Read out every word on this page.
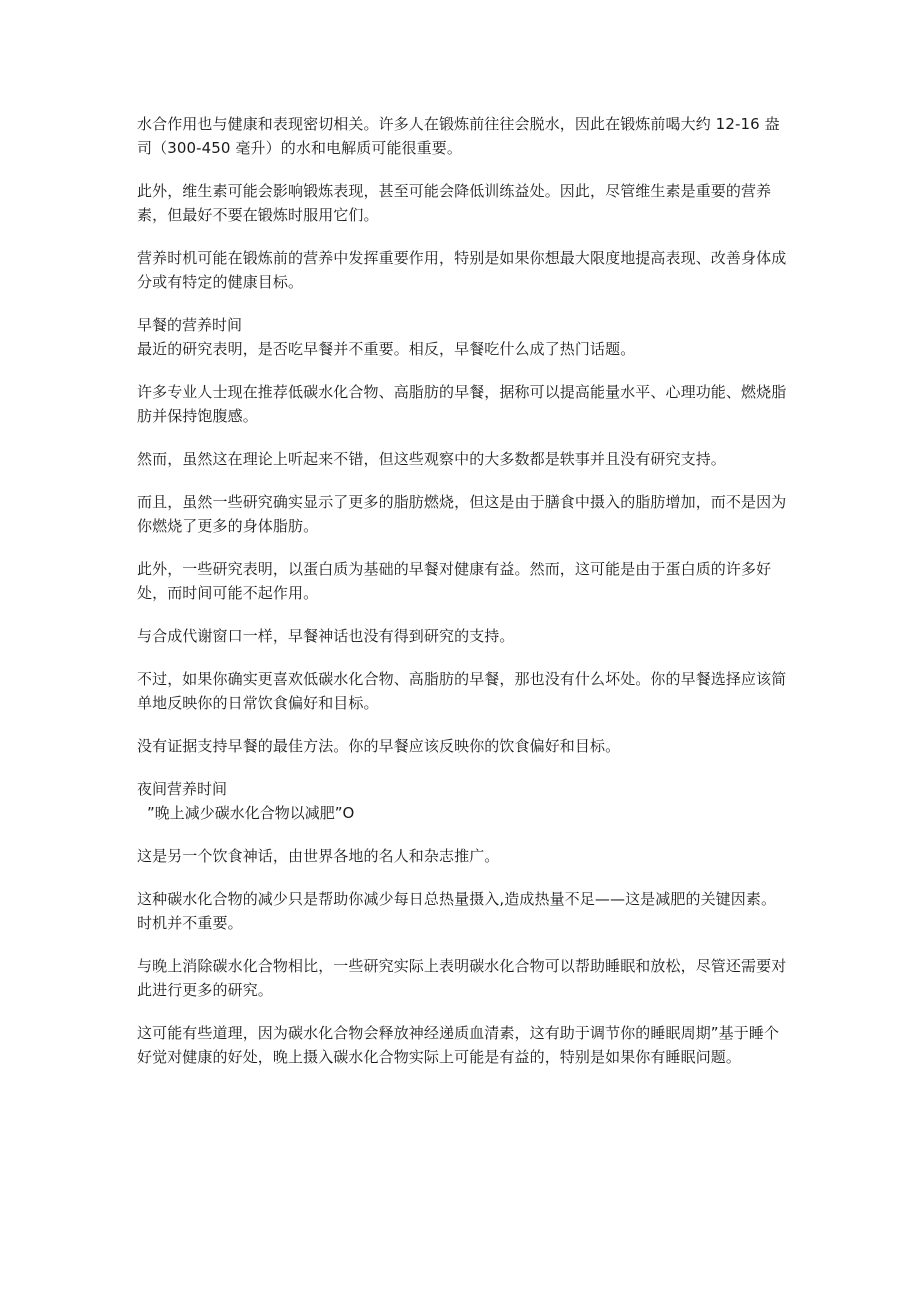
水合作用也与健康和表现密切相关。许多人在锻炼前往往会脱水，因此在锻炼前喝大约 12-16 盎司（300-450 毫升）的水和电解质可能很重要。

此外，维生素可能会影响锻炼表现，甚至可能会降低训练益处。因此，尽管维生素是重要的营养素，但最好不要在锻炼时服用它们。

营养时机可能在锻炼前的营养中发挥重要作用，特别是如果你想最大限度地提高表现、改善身体成分或有特定的健康目标。

早餐的营养时间

最近的研究表明，是否吃早餐并不重要。相反，早餐吃什么成了热门话题。

许多专业人士现在推荐低碳水化合物、高脂肪的早餐，据称可以提高能量水平、心理功能、燃烧脂肪并保持饱腹感。

然而，虽然这在理论上听起来不错，但这些观察中的大多数都是轶事并且没有研究支持。

而且，虽然一些研究确实显示了更多的脂肪燃烧，但这是由于膳食中摄入的脂肪增加，而不是因为你燃烧了更多的身体脂肪。

此外，一些研究表明，以蛋白质为基础的早餐对健康有益。然而，这可能是由于蛋白质的许多好处，而时间可能不起作用。

与合成代谢窗口一样，早餐神话也没有得到研究的支持。

不过，如果你确实更喜欢低碳水化合物、高脂肪的早餐，那也没有什么坏处。你的早餐选择应该简单地反映你的日常饮食偏好和目标。

没有证据支持早餐的最佳方法。你的早餐应该反映你的饮食偏好和目标。

夜间营养时间

”晚上减少碳水化合物以减肥”O

这是另一个饮食神话，由世界各地的名人和杂志推广。

这种碳水化合物的减少只是帮助你减少每日总热量摄入,造成热量不足——这是减肥的关键因素。时机并不重要。

与晚上消除碳水化合物相比，一些研究实际上表明碳水化合物可以帮助睡眠和放松，尽管还需要对此进行更多的研究。

这可能有些道理，因为碳水化合物会释放神经递质血清素，这有助于调节你的睡眠周期”基于睡个好觉对健康的好处，晚上摄入碳水化合物实际上可能是有益的，特别是如果你有睡眠问题。
